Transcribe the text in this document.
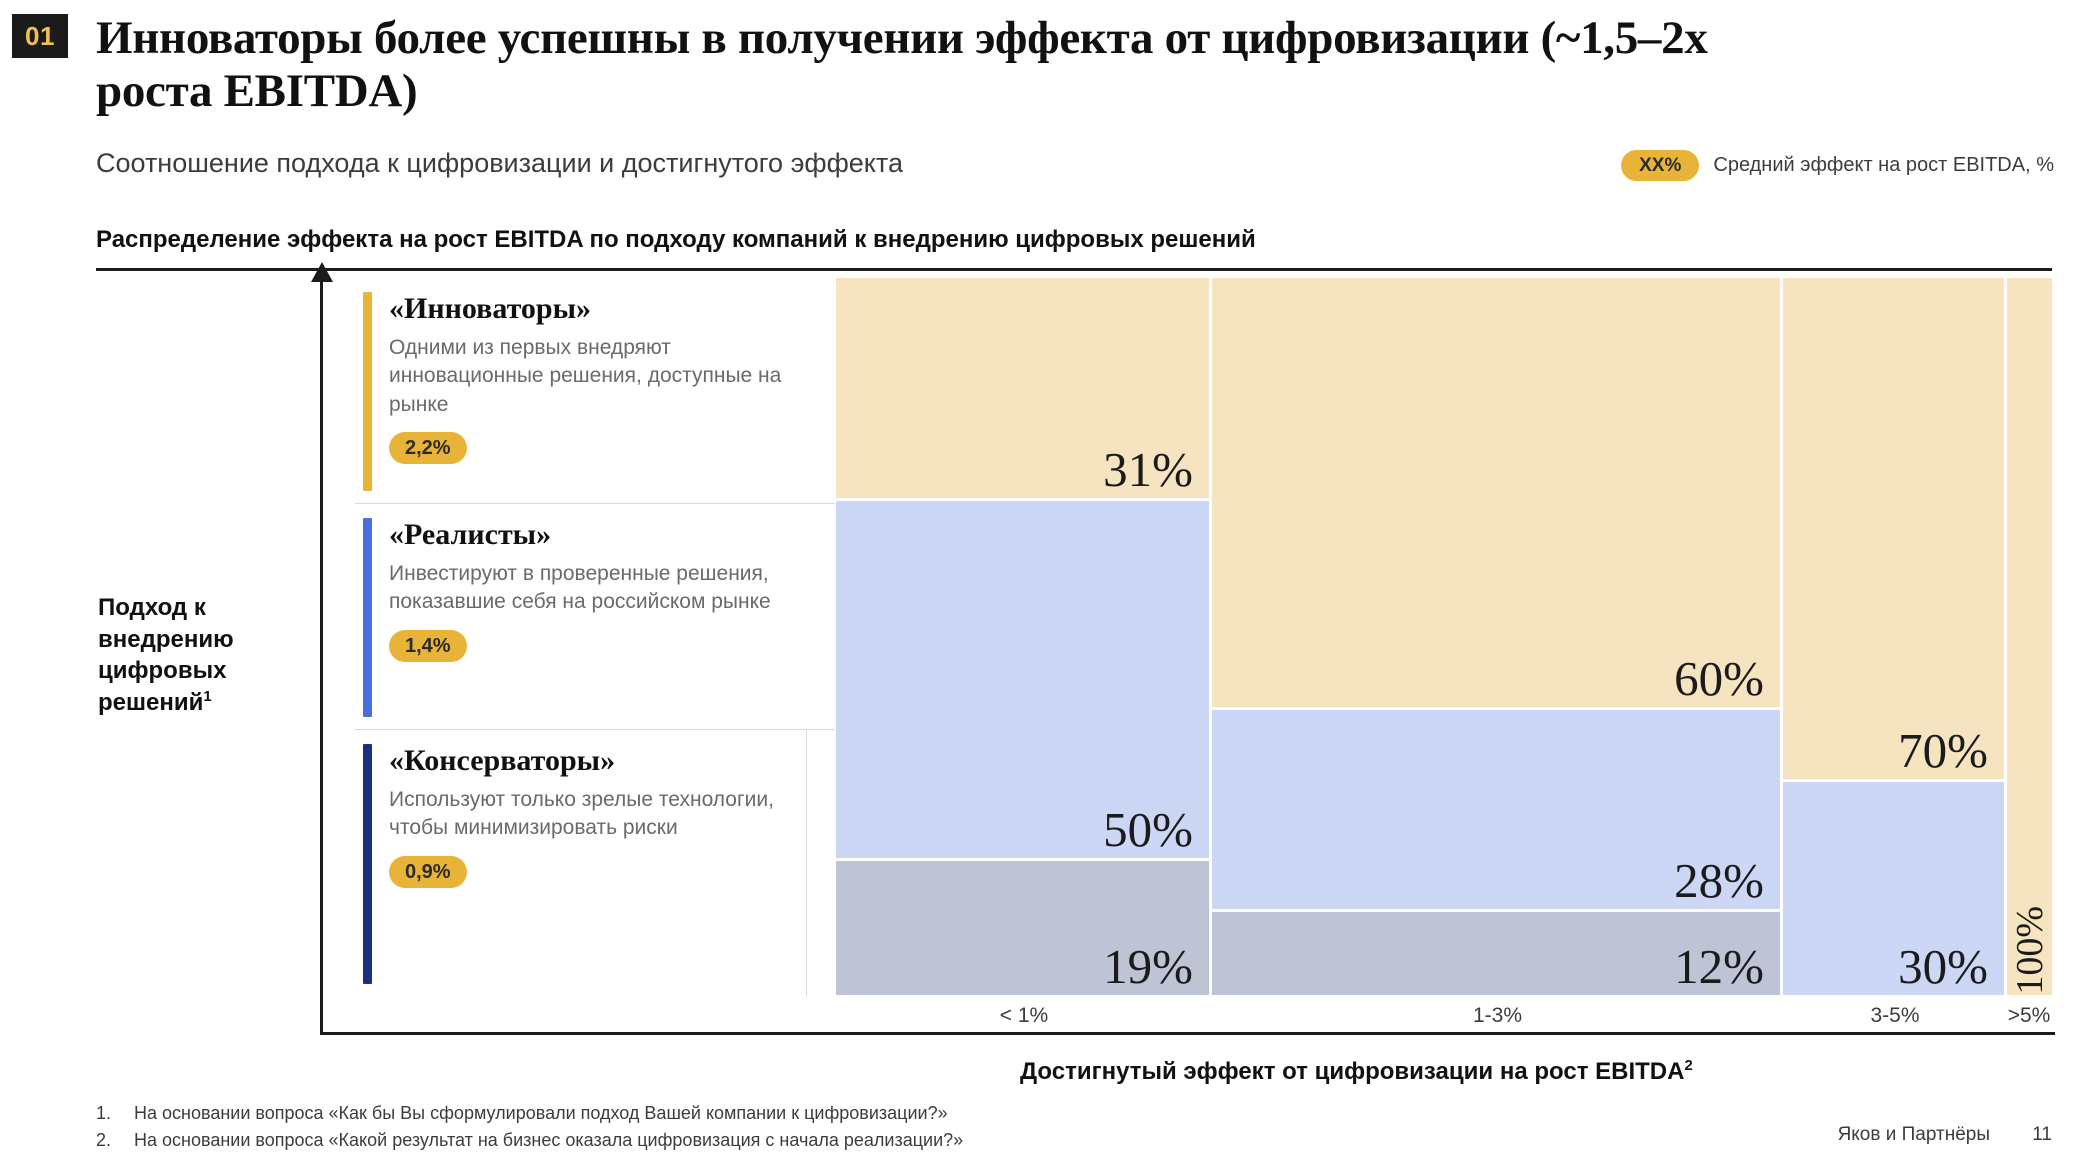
01 Инноваторы более успешны в получении эффекта от цифровизации (~1,5–2х роста EBITDA)
Соотношение подхода к цифровизации и достигнутого эффекта	XX%	Средний эффект на рост EBITDA, %
Распределение эффекта на рост EBITDA по подходу компаний к внедрению цифровых решений
Подход к внедрению цифровых решений$^1$
Достигнутый эффект от цифровизации на рост EBITDA$^2$
«Инноваторы»
Одними из первых внедряют инновационные решения, доступные на рынке
2,2%
«Реалисты»
Инвестируют в проверенные решения, показавшие себя на российском рынке
1,4%
«Консерваторы»
Используют только зрелые технологии, чтобы минимизировать риски
0,9%
31%
50%
19%
< 1%
60%
28%
12%
1-3%
70%
30%
3-5%
100%
>5%
1. На основании вопроса «Как бы Вы сформулировали подход Вашей компании к цифровизации?»
2. На основании вопроса «Какой результат на бизнес оказала цифровизация с начала реализации?»	Яков и Партнёры 11
